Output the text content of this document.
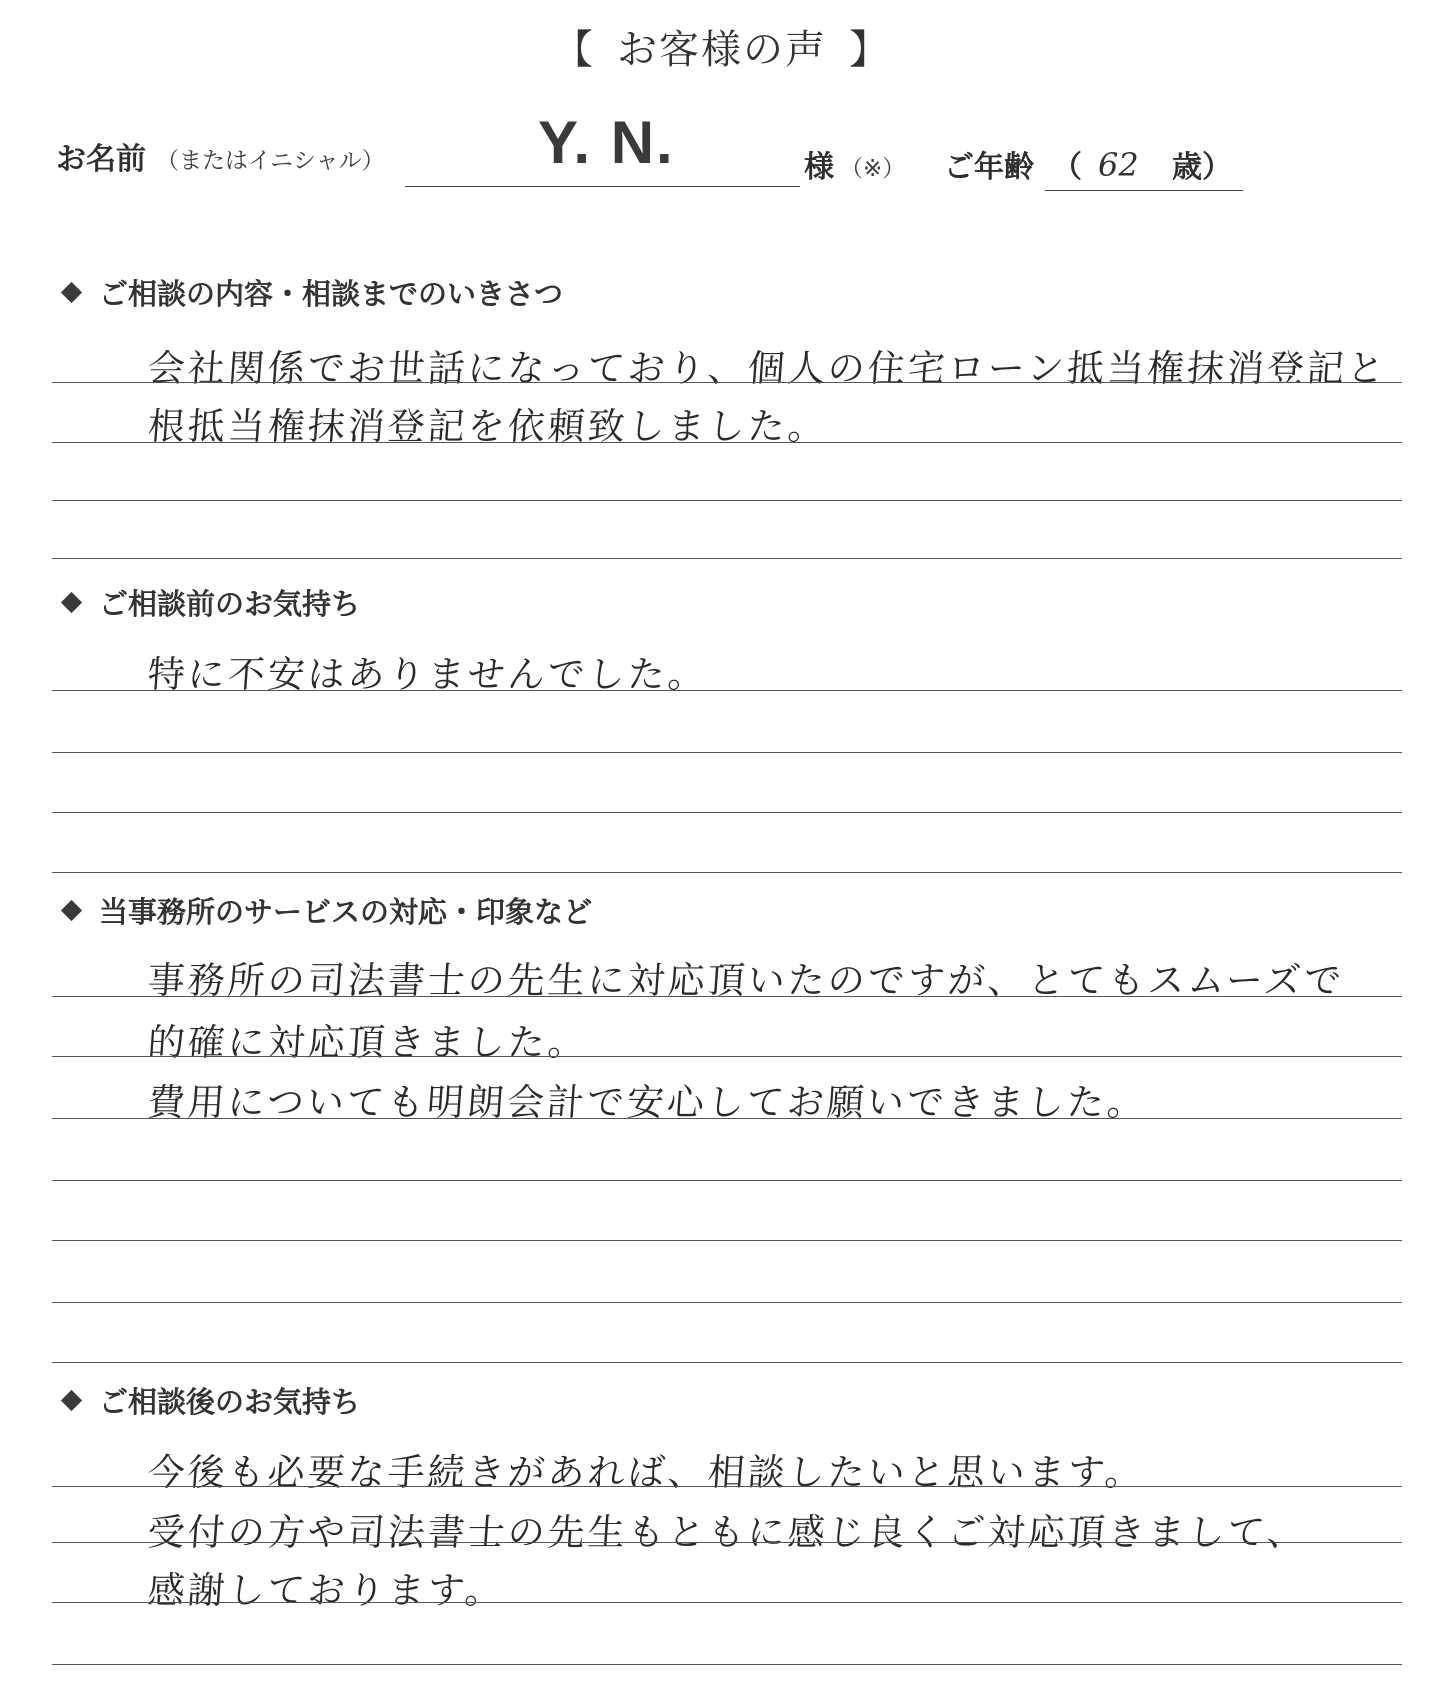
【 お客様の声 】
お名前 （またはイニシャル）	Y. N.	様 （※） ご年齢 （ 62 歳）
ご相談の内容・相談までのいきさつ
会社関係でお世話になっており、個人の住宅ローン抵当権抹消登記と
根抵当権抹消登記を依頼致しました。
ご相談前のお気持ち
特に不安はありませんでした。
当事務所のサービスの対応・印象など
事務所の司法書士の先生に対応頂いたのですが、とてもスムーズで
的確に対応頂きました。
費用についても明朗会計で安心してお願いできました。
ご相談後のお気持ち
今後も必要な手続きがあれば、相談したいと思います。
受付の方や司法書士の先生もともに感じ良くご対応頂きまして、
感謝しております。
